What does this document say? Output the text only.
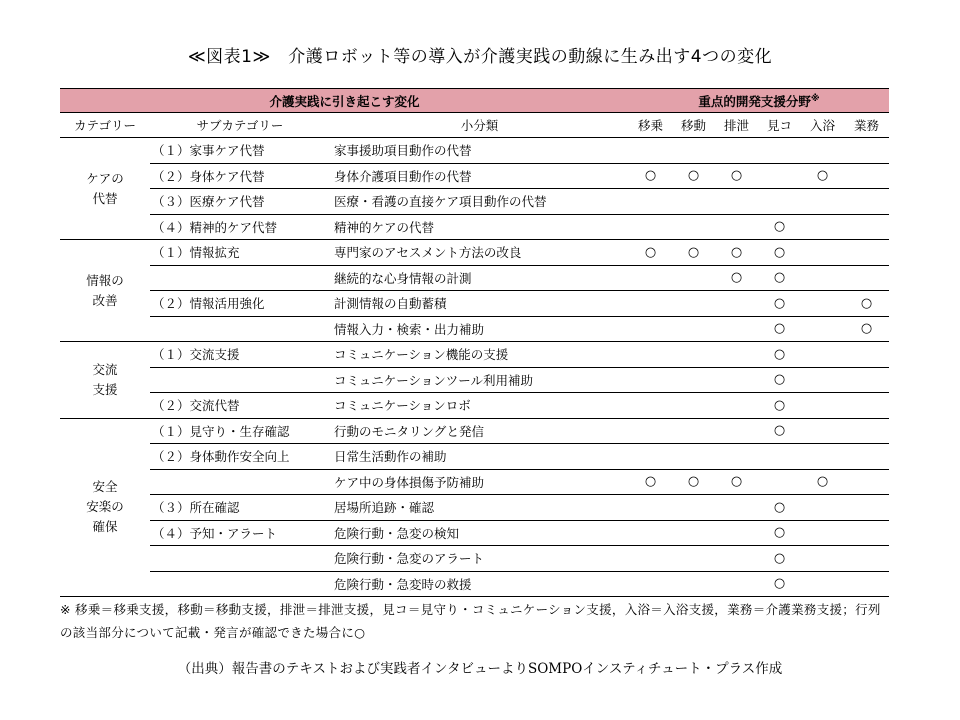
≪図表1≫　介護ロボット等の導入が介護実践の動線に生み出す4つの変化
介護実践に引き起こす変化			重点的開発支援分野※
カテゴリー	サブカテゴリー	小分類	移乗	移動	排泄	見コ	入浴	業務
ケアの
代替	（１）家事ケア代替	家事援助項目動作の代替						
	（２）身体ケア代替	身体介護項目動作の代替	○	○	○		○	
	（３）医療ケア代替	医療・看護の直接ケア項目動作の代替						
	（４）精神的ケア代替	精神的ケアの代替				○		
情報の
改善	（１）情報拡充	専門家のアセスメント方法の改良	○	○	○	○		
		継続的な心身情報の計測			○	○		
	（２）情報活用強化	計測情報の自動蓄積				○		○
		情報入力・検索・出力補助				○		○
交流
支援	（１）交流支援	コミュニケーション機能の支援				○		
		コミュニケーションツール利用補助				○		
	（２）交流代替	コミュニケーションロボ				○		
安全
安楽の
確保	（１）見守り・生存確認	行動のモニタリングと発信				○		
	（２）身体動作安全向上	日常生活動作の補助						
		ケア中の身体損傷予防補助	○	○	○		○	
	（３）所在確認	居場所追跡・確認				○		
	（４）予知・アラート	危険行動・急変の検知				○		
		危険行動・急変のアラート				○		
		危険行動・急変時の救援				○		
※ 移乗＝移乗支援，移動＝移動支援，排泄＝排泄支援，見コ＝見守り・コミュニケーション支援，入浴＝入浴支援，業務＝介護業務支援；行列の該当部分について記載・発言が確認できた場合に○
（出典）報告書のテキストおよび実践者インタビューよりSOMPOインスティチュート・プラス作成
